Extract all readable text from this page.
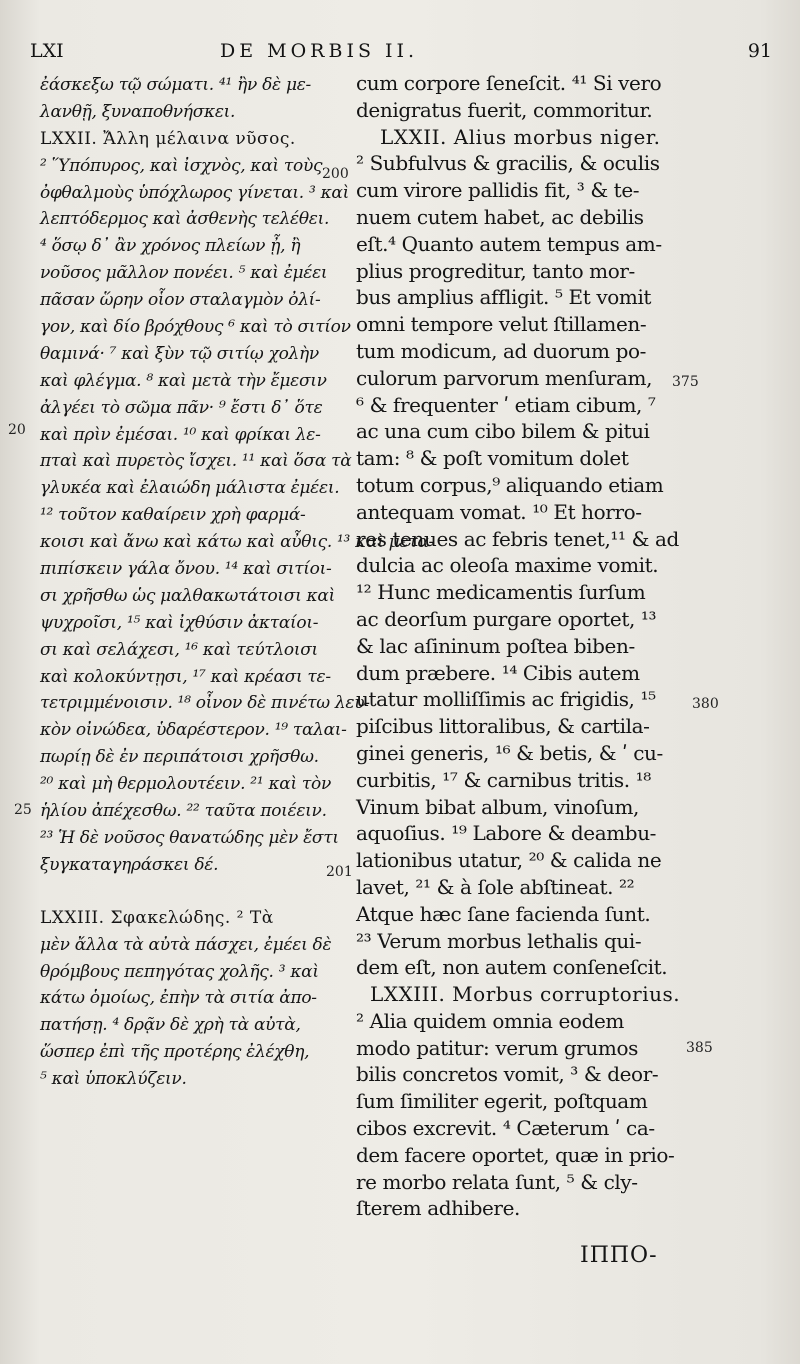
LXI	DE MORBIS II.	91
ἐάσκεξω τῷ σώματι. ⁴¹ ἢν δὲ με-
λανθῇ, ξυναποθνήσκει.
LXXII. Ἄλλη μέλαινα νῦσος.
² Ὕπόπυρος, καὶ ἰσχνὸς, καὶ τοὺς
ὀφθαλμοὺς ὑπόχλωρος γίνεται. ³ καὶ
λεπτόδερμος καὶ ἀσθενὴς τελέθει.
⁴ ὅσῳ δ᾽ ἂν χρόνος πλείων ᾖ, ἢ
νοῦσος μᾶλλον πονέει. ⁵ καὶ ἐμέει
πᾶσαν ὥρην οἷον σταλαγμὸν ὀλί-
γον, καὶ δίο βρόχθους ⁶ καὶ τὸ σιτίον
θαμινά· ⁷ καὶ ξὺν τῷ σιτίῳ χολὴν
καὶ φλέγμα. ⁸ καὶ μετὰ τὴν ἔμεσιν
ἀλγέει τὸ σῶμα πᾶν· ⁹ ἔστι δ᾽ ὅτε
καὶ πρὶν ἐμέσαι. ¹⁰ καὶ φρίκαι λε-
πταὶ καὶ πυρετὸς ἴσχει. ¹¹ καὶ ὅσα τὰ
γλυκέα καὶ ἐλαιώδη μάλιστα ἐμέει.
¹² τοῦτον καθαίρειν χρὴ φαρμά-
κοισι καὶ ἄνω καὶ κάτω καὶ αὖθις. ¹³ καὶ μετα-
πιπίσκειν γάλα ὄνου. ¹⁴ καὶ σιτίοι-
σι χρῆσθω ὡς μαλθακωτάτοισι καὶ
ψυχροῖσι, ¹⁵ καὶ ἰχθύσιν ἀκταίοι-
σι καὶ σελάχεσι, ¹⁶ καὶ τεύτλοισι
καὶ κολοκύντῃσι, ¹⁷ καὶ κρέασι τε-
τετριμμένοισιν. ¹⁸ οἶνον δὲ πινέτω λευ-
κὸν οἰνώδεα, ὑδαρέστερον. ¹⁹ ταλαι-
πωρίῃ δὲ ἐν περιπάτοισι χρῆσθω.
²⁰ καὶ μὴ θερμολουτέειν. ²¹ καὶ τὸν
ἡλίου ἀπέχεσθω. ²² ταῦτα ποιέειν.
²³ Ἡ δὲ νοῦσος θανατώδης μὲν ἔστι
ξυγκαταγηράσκει δέ.
LXXIII. Σφακελώδης. ² Τὰ
μὲν ἄλλα τὰ αὐτὰ πάσχει, ἐμέει δὲ
θρόμβους πεπηγότας χολῆς. ³ καὶ
κάτω ὁμοίως, ἐπὴν τὰ σιτία ἀπο-
πατήσῃ. ⁴ δρᾷν δὲ χρὴ τὰ αὐτὰ,
ὥσπερ ἐπὶ τῆς προτέρης ἐλέχθη,
⁵ καὶ ὑποκλύζειν.
cum corpore ſeneſcit. ⁴¹ Si vero
denigratus fuerit, commoritur.
LXXII. Alius morbus niger.
² Subfulvus & gracilis, & oculis
cum virore pallidis fit, ³ & te-
nuem cutem habet, ac debilis
eſt.⁴ Quanto autem tempus am-
plius progreditur, tanto mor-
bus amplius affligit. ⁵ Et vomit
omni tempore velut ſtillamen-
tum modicum, ad duorum po-
culorum parvorum menſuram,
⁶ & frequenter ʹ etiam cibum, ⁷
ac una cum cibo bilem & pitui
tam: ⁸ & poſt vomitum dolet
totum corpus,⁹ aliquando etiam
antequam vomat. ¹⁰ Et horro-
res tenues ac febris tenet,¹¹ & ad
dulcia ac oleoſa maxime vomit.
¹² Hunc medicamentis ſurſum
ac deorſum purgare oportet, ¹³
& lac aſininum poſtea biben-
dum præbere. ¹⁴ Cibis autem
utatur molliſſimis ac frigidis, ¹⁵
piſcibus littoralibus, & cartila-
ginei generis, ¹⁶ & betis, & ʹ cu-
curbitis, ¹⁷ & carnibus tritis. ¹⁸
Vinum bibat album, vinoſum,
aquoſius. ¹⁹ Labore & deambu-
lationibus utatur, ²⁰ & calida ne
lavet, ²¹ & à ſole abſtineat. ²²
Atque hæc ſane facienda ſunt.
²³ Verum morbus lethalis qui-
dem eſt, non autem conſeneſcit.
LXXIII. Morbus corruptorius.
² Alia quidem omnia eodem
modo patitur: verum grumos
bilis concretos vomit, ³ & deor-
ſum ſimiliter egerit, poſtquam
cibos excrevit. ⁴ Cæterum ʹ ca-
dem facere oportet, quæ in prio-
re morbo relata ſunt, ⁵ & cly-
ſterem adhibere.
200
20
25
201
375
380
385
ΙΠΠΟ-
